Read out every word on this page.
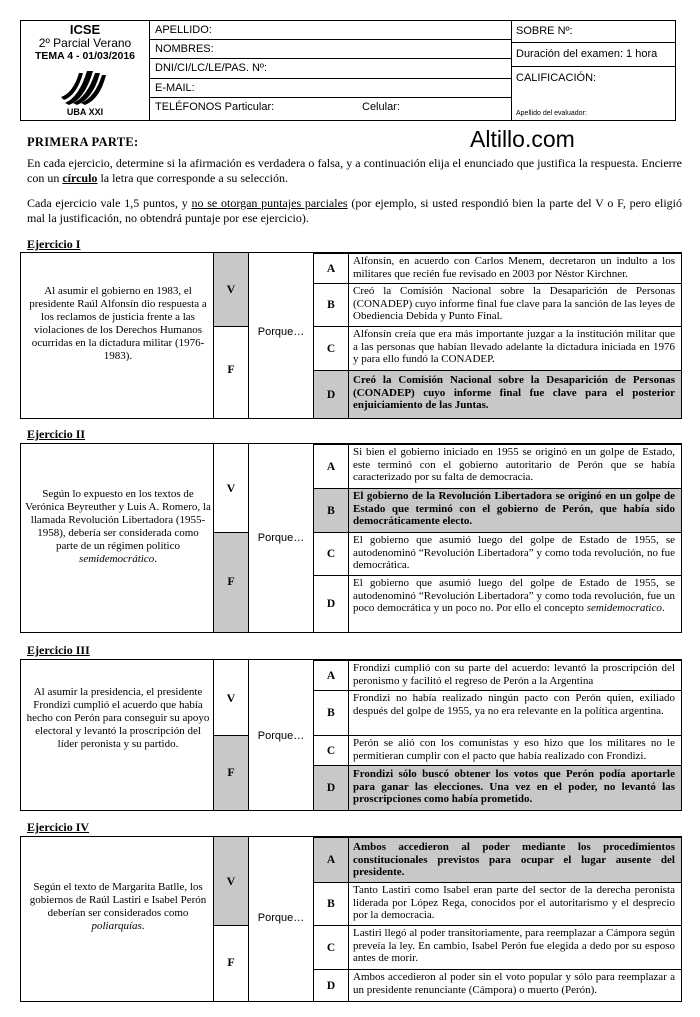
ICSE
2º Parcial Verano
TEMA 4 - 01/03/2016
UBA XXI
APELLIDO:
NOMBRES:
DNI/CI/LC/LE/PAS. Nº:
E-MAIL:
TELÉFONOS Particular:	Celular:
SOBRE Nº:
Duración del examen: 1 hora
CALIFICACIÓN:
Apellido del evaluador:
Altillo.com
PRIMERA PARTE:
En cada ejercicio, determine si la afirmación es verdadera o falsa, y a continuación elija el enunciado que justifica la respuesta. Encierre con un círculo la letra que corresponde a su selección.
Cada ejercicio vale 1,5 puntos, y no se otorgan puntajes parciales (por ejemplo, si usted respondió bien la parte del V o F, pero eligió mal la justificación, no obtendrá puntaje por ese ejercicio).
Ejercicio I
Al asumir el gobierno en 1983, el presidente Raúl Alfonsín dio respuesta a los reclamos de justicia frente a las violaciones de los Derechos Humanos ocurridas en la dictadura militar (1976-1983).
V
F
Porque…
A
Alfonsín, en acuerdo con Carlos Menem, decretaron un indulto a los militares que recién fue revisado en 2003 por Néstor Kirchner.
B
Creó la Comisión Nacional sobre la Desaparición de Personas (CONADEP) cuyo informe final fue clave para la sanción de las leyes de Obediencia Debida y Punto Final.
C
Alfonsín creía que era más importante juzgar a la institución militar que a las personas que habían llevado adelante la dictadura iniciada en 1976 y para ello fundó la CONADEP.
D
Creó la Comisión Nacional sobre la Desaparición de Personas (CONADEP) cuyo informe final fue clave para el posterior enjuiciamiento de las Juntas.
Ejercicio II
Según lo expuesto en los textos de Verónica Beyreuther y Luis A. Romero, la llamada Revolución Libertadora (1955-1958), debería ser considerada como parte de un régimen político semidemocrático.
V
F
Porque…
A
Si bien el gobierno iniciado en 1955 se originó en un golpe de Estado, este terminó con el gobierno autoritario de Perón que se había caracterizado por su falta de democracia.
B
El gobierno de la Revolución Libertadora se originó en un golpe de Estado que terminó con el gobierno de Perón, que había sido democráticamente electo.
C
El gobierno que asumió luego del golpe de Estado de 1955, se autodenominó “Revolución Libertadora” y como toda revolución, no fue democrática.
D
El gobierno que asumió luego del golpe de Estado de 1955, se autodenominó “Revolución Libertadora” y como toda revolución, fue un poco democrática y un poco no. Por ello el concepto semidemocratico.
Ejercicio III
Al asumir la presidencia, el presidente Frondizi cumplió el acuerdo que había hecho con Perón para conseguir su apoyo electoral y levantó la proscripción del líder peronista y su partido.
V
F
Porque…
A
Frondizi cumplió con su parte del acuerdo: levantó la proscripción del peronismo y facilitó el regreso de Perón a la Argentina
B
Frondizi no había realizado ningún pacto con Perón quien, exiliado después del golpe de 1955, ya no era relevante en la política argentina.
C
Perón se alió con los comunistas y eso hizo que los militares no le permitieran cumplir con el pacto que había realizado con Frondizi.
D
Frondizi sólo buscó obtener los votos que Perón podía aportarle para ganar las elecciones. Una vez en el poder, no levantó las proscripciones como había prometido.
Ejercicio IV
Según el texto de Margarita Batlle, los gobiernos de Raúl Lastiri e Isabel Perón deberían ser considerados como poliarquías.
V
F
Porque…
A
Ambos accedieron al poder mediante los procedimientos constitucionales previstos para ocupar el lugar ausente del presidente.
B
Tanto Lastiri como Isabel eran parte del sector de la derecha peronista liderada por López Rega, conocidos por el autoritarismo y el desprecio por la democracia.
C
Lastiri llegó al poder transitoriamente, para reemplazar a Cámpora según preveía la ley. En cambio, Isabel Perón fue elegida a dedo por su esposo antes de morir.
D
Ambos accedieron al poder sin el voto popular y sólo para reemplazar a un presidente renunciante (Cámpora) o muerto (Perón).
